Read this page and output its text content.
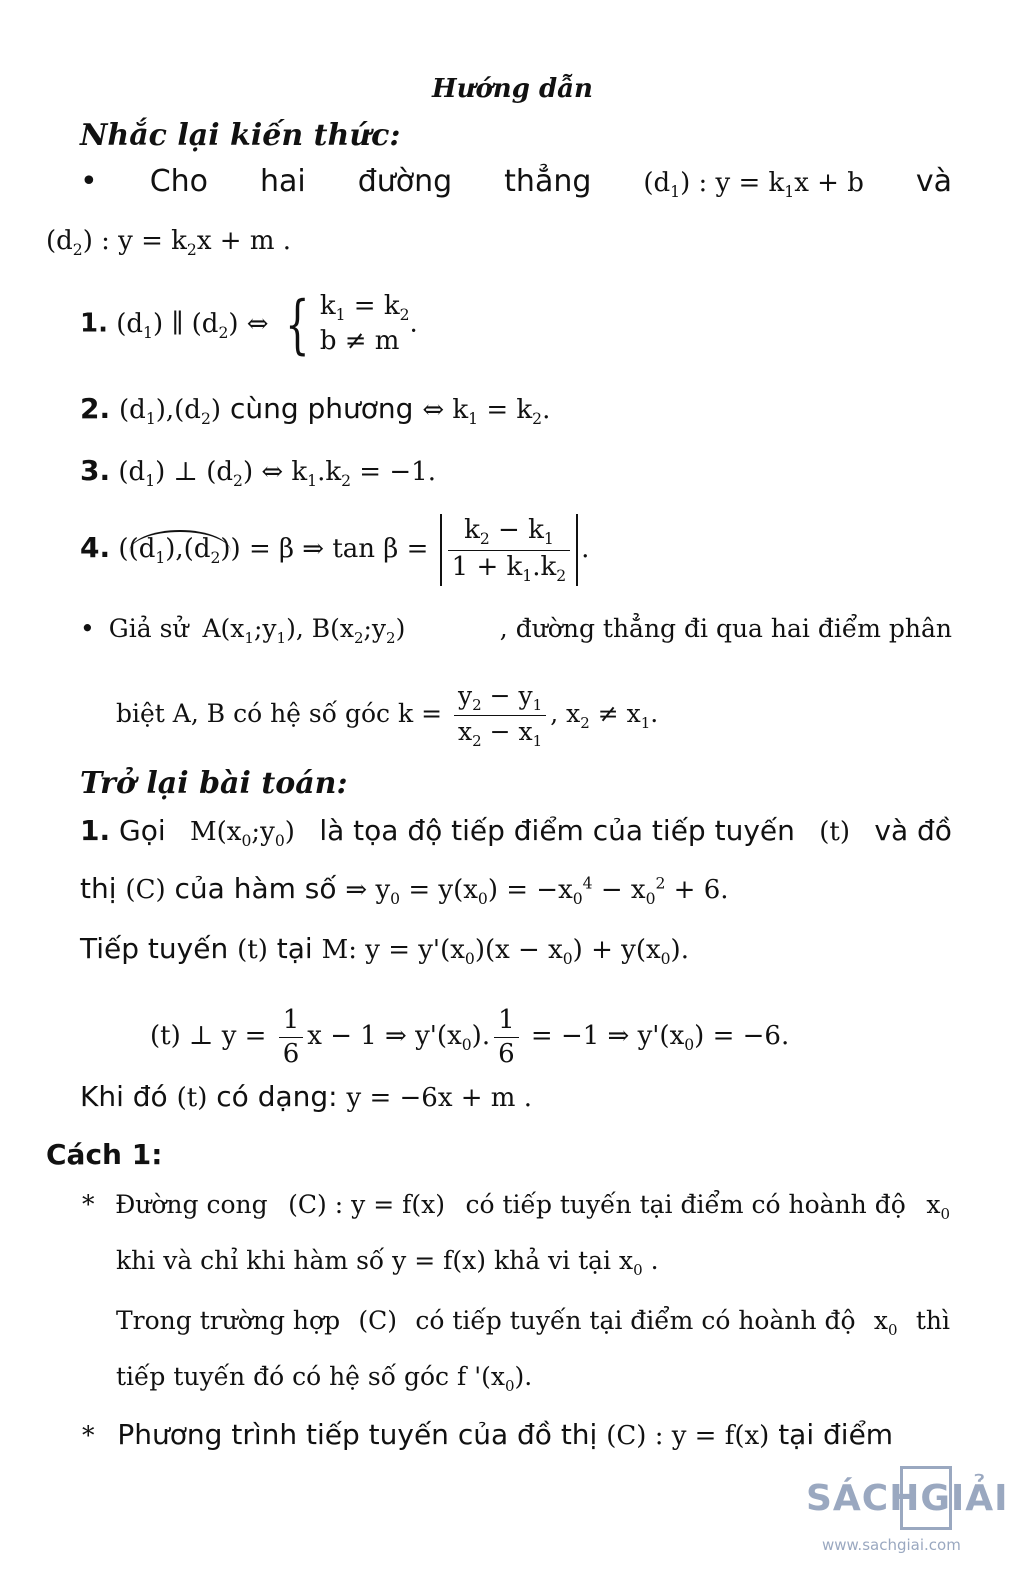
Hướng dẫn
Nhắc lại kiến thức:
• Cho hai đường thẳng $(d_1)$ : $y = k_1x + b$ và
$(d_2)$ : $y = k_2x + m$ .
1. $(d_1)$ ∥ $(d_2)$ ⇔ { $k_1 = k_2$
b ≠ m.
2. $(d_1),(d_2)$ cùng phương ⇔ $k_1 = k_2$.
3. $(d_1)$ ⊥ $(d_2)$ ⇔ $k_1.k_2 = -1$.
4. $((d_1),(d_2)) = \beta$ ⇒ $\tan \beta = \frac{k_2 - k_1}{1 + k_1.k_2}$ .
• Giả sử $A(x_1;y_1)$, $B(x_2;y_2)$	, đường thẳng đi qua hai điểm phân
biệt A, B có hệ số góc $k = \frac{y_2 - y_1}{x_2 - x_1}$ , $x_2 \ne x_1$.
Trở lại bài toán:
1. Gọi $M(x_0;y_0)$ là tọa độ tiếp điểm của tiếp tuyến (t) và đồ
thị (C) của hàm số ⇒ $y_0 = y(x_0) = -x_0^4 - x_0^2 + 6$.
Tiếp tuyến (t) tại M: $y = y'(x_0)(x - x_0) + y(x_0)$.
(t) ⊥ $y = \frac{1}{6}$ x − 1 ⇒ $y'(x_0)$. $\frac{1}{6} = -1$ ⇒ $y'(x_0) = -6$.
Khi đó (t) có dạng: y = −6x + m .
Cách 1:
* Đường cong (C) : y = f(x) có tiếp tuyến tại điểm có hoành độ $x_0$
khi và chỉ khi hàm số y = f(x) khả vi tại $x_0$ .
Trong trường hợp (C) có tiếp tuyến tại điểm có hoành độ $x_0$ thì
tiếp tuyến đó có hệ số góc f '$(x_0)$.
* Phương trình tiếp tuyến của đồ thị (C) : y = f(x) tại điểm
SÁCHGIẢI
www.sachgiai.com
